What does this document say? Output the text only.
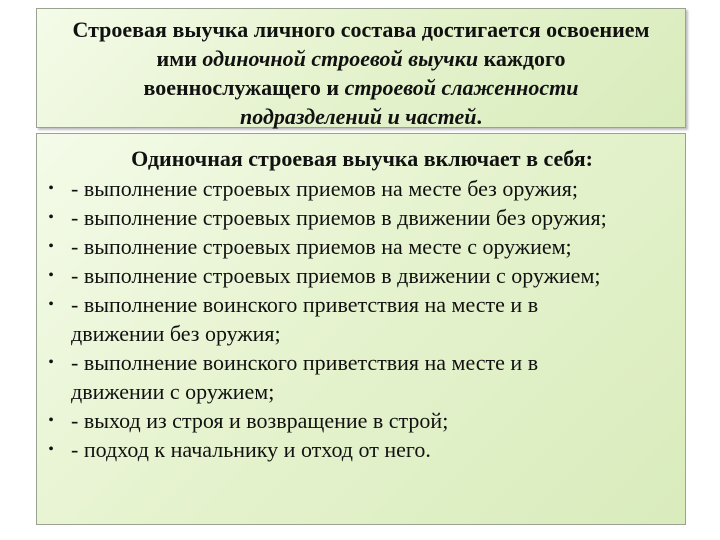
Строевая выучка личного состава достигается освоением
ими одиночной строевой выучки каждого
военнослужащего и строевой слаженности
подразделений и частей.
Одиночная строевая выучка включает в себя:
• - выполнение строевых приемов на месте без оружия;
• - выполнение строевых приемов в движении без оружия;
• - выполнение строевых приемов на месте с оружием;
• - выполнение строевых приемов в движении с оружием;
• - выполнение воинского приветствия на месте и в
движении без оружия;
• - выполнение воинского приветствия на месте и в
движении с оружием;
• - выход из строя и возвращение в строй;
• - подход к начальнику и отход от него.
